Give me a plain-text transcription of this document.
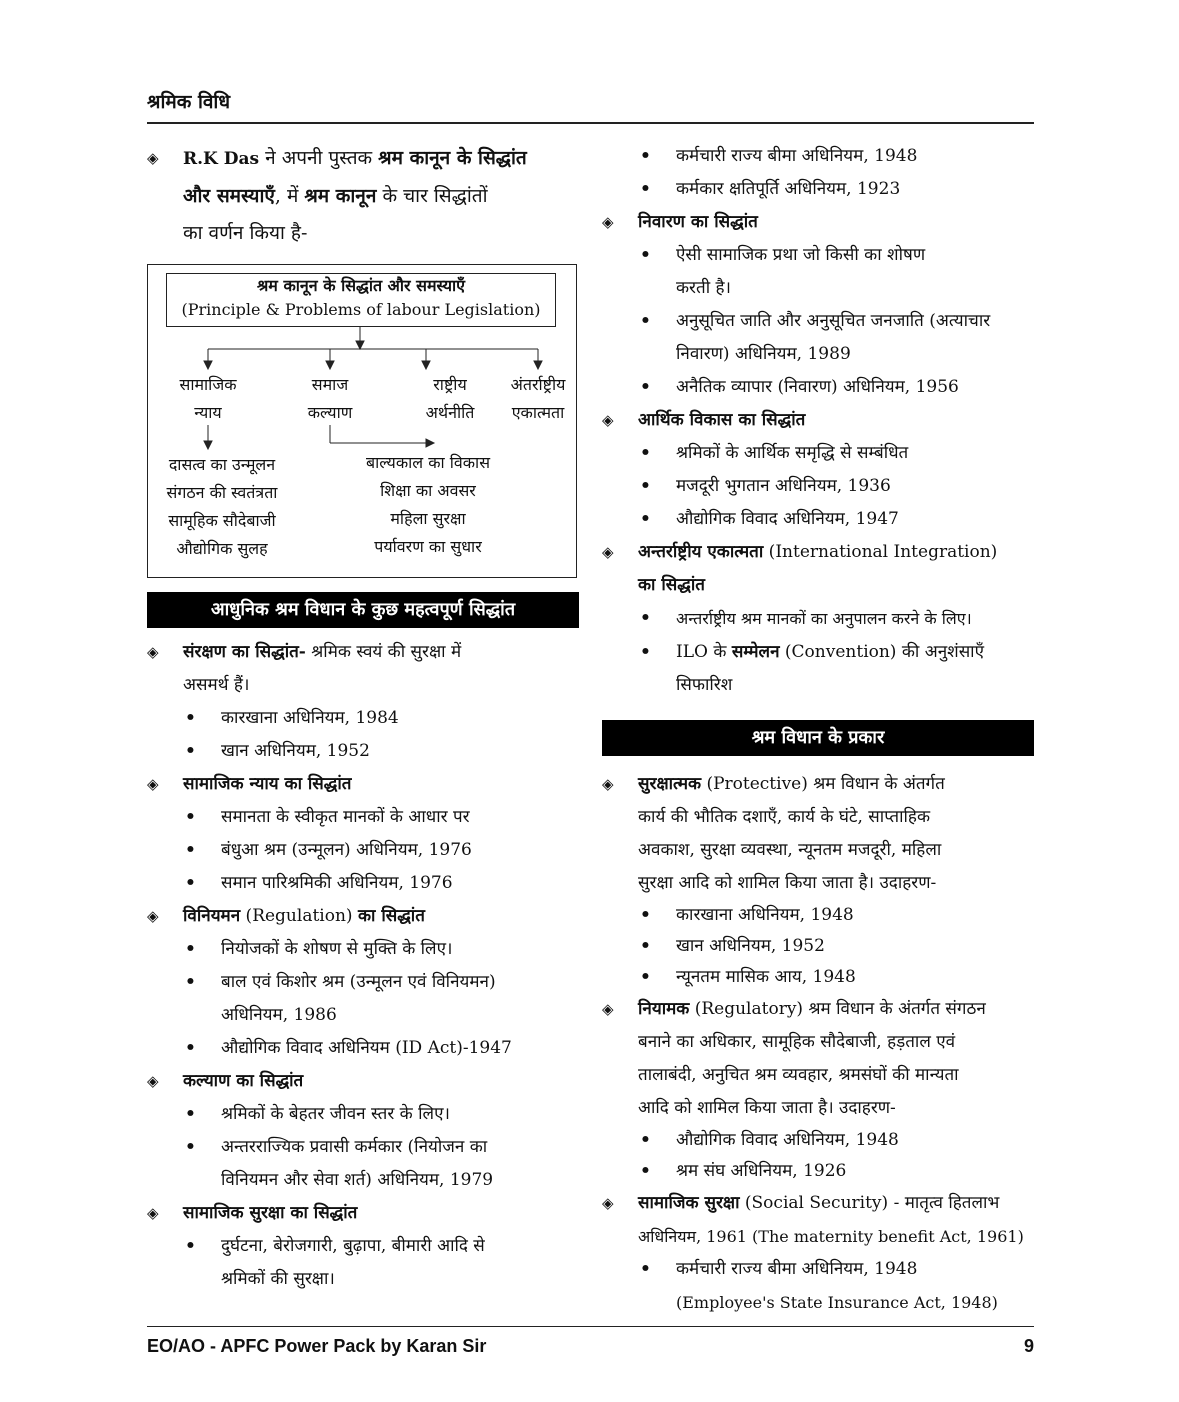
श्रमिक विधि
◈ R.K Das ने अपनी पुस्तक श्रम कानून के सिद्धांत
और समस्याएँ, में श्रम कानून के चार सिद्धांतों
का वर्णन किया है-
श्रम कानून के सिद्धांत और समस्याएँ
(Principle & Problems of labour Legislation)
सामाजिक
न्याय
समाज
कल्याण
राष्ट्रीय
अर्थनीति
अंतर्राष्ट्रीय
एकात्मता
दासत्व का उन्मूलन
संगठन की स्वतंत्रता
सामूहिक सौदेबाजी
औद्योगिक सुलह
बाल्यकाल का विकास
शिक्षा का अवसर
महिला सुरक्षा
पर्यावरण का सुधार
आधुनिक श्रम विधान के कुछ महत्वपूर्ण सिद्धांत
◈ संरक्षण का सिद्धांत- श्रमिक स्वयं की सुरक्षा में
असमर्थ हैं।
• कारखाना अधिनियम, 1984
• खान अधिनियम, 1952
◈ सामाजिक न्याय का सिद्धांत
• समानता के स्वीकृत मानकों के आधार पर
• बंधुआ श्रम (उन्मूलन) अधिनियम, 1976
• समान पारिश्रमिकी अधिनियम, 1976
◈ विनियमन (Regulation) का सिद्धांत
• नियोजकों के शोषण से मुक्ति के लिए।
• बाल एवं किशोर श्रम (उन्मूलन एवं विनियमन)
अधिनियम, 1986
• औद्योगिक विवाद अधिनियम (ID Act)-1947
◈ कल्याण का सिद्धांत
• श्रमिकों के बेहतर जीवन स्तर के लिए।
• अन्तरराज्यिक प्रवासी कर्मकार (नियोजन का
विनियमन और सेवा शर्त) अधिनियम, 1979
◈ सामाजिक सुरक्षा का सिद्धांत
• दुर्घटना, बेरोजगारी, बुढ़ापा, बीमारी आदि से
श्रमिकों की सुरक्षा।
• कर्मचारी राज्य बीमा अधिनियम, 1948
• कर्मकार क्षतिपूर्ति अधिनियम, 1923
◈ निवारण का सिद्धांत
• ऐसी सामाजिक प्रथा जो किसी का शोषण
करती है।
• अनुसूचित जाति और अनुसूचित जनजाति (अत्याचार
निवारण) अधिनियम, 1989
• अनैतिक व्यापार (निवारण) अधिनियम, 1956
◈ आर्थिक विकास का सिद्धांत
• श्रमिकों के आर्थिक समृद्धि से सम्बंधित
• मजदूरी भुगतान अधिनियम, 1936
• औद्योगिक विवाद अधिनियम, 1947
◈ अन्तर्राष्ट्रीय एकात्मता (International Integration)
का सिद्धांत
• अन्तर्राष्ट्रीय श्रम मानकों का अनुपालन करने के लिए।
• ILO के सम्मेलन (Convention) की अनुशंसाएँ
सिफारिश
श्रम विधान के प्रकार
◈ सुरक्षात्मक (Protective) श्रम विधान के अंतर्गत
कार्य की भौतिक दशाएँ, कार्य के घंटे, साप्ताहिक
अवकाश, सुरक्षा व्यवस्था, न्यूनतम मजदूरी, महिला
सुरक्षा आदि को शामिल किया जाता है। उदाहरण-
• कारखाना अधिनियम, 1948
• खान अधिनियम, 1952
• न्यूनतम मासिक आय, 1948
◈ नियामक (Regulatory) श्रम विधान के अंतर्गत संगठन
बनाने का अधिकार, सामूहिक सौदेबाजी, हड़ताल एवं
तालाबंदी, अनुचित श्रम व्यवहार, श्रमसंघों की मान्यता
आदि को शामिल किया जाता है। उदाहरण-
• औद्योगिक विवाद अधिनियम, 1948
• श्रम संघ अधिनियम, 1926
◈ सामाजिक सुरक्षा (Social Security) - मातृत्व हितलाभ
अधिनियम, 1961 (The maternity benefit Act, 1961)
• कर्मचारी राज्य बीमा अधिनियम, 1948
(Employee's State Insurance Act, 1948)
EO/AO - APFC Power Pack by Karan Sir	9
